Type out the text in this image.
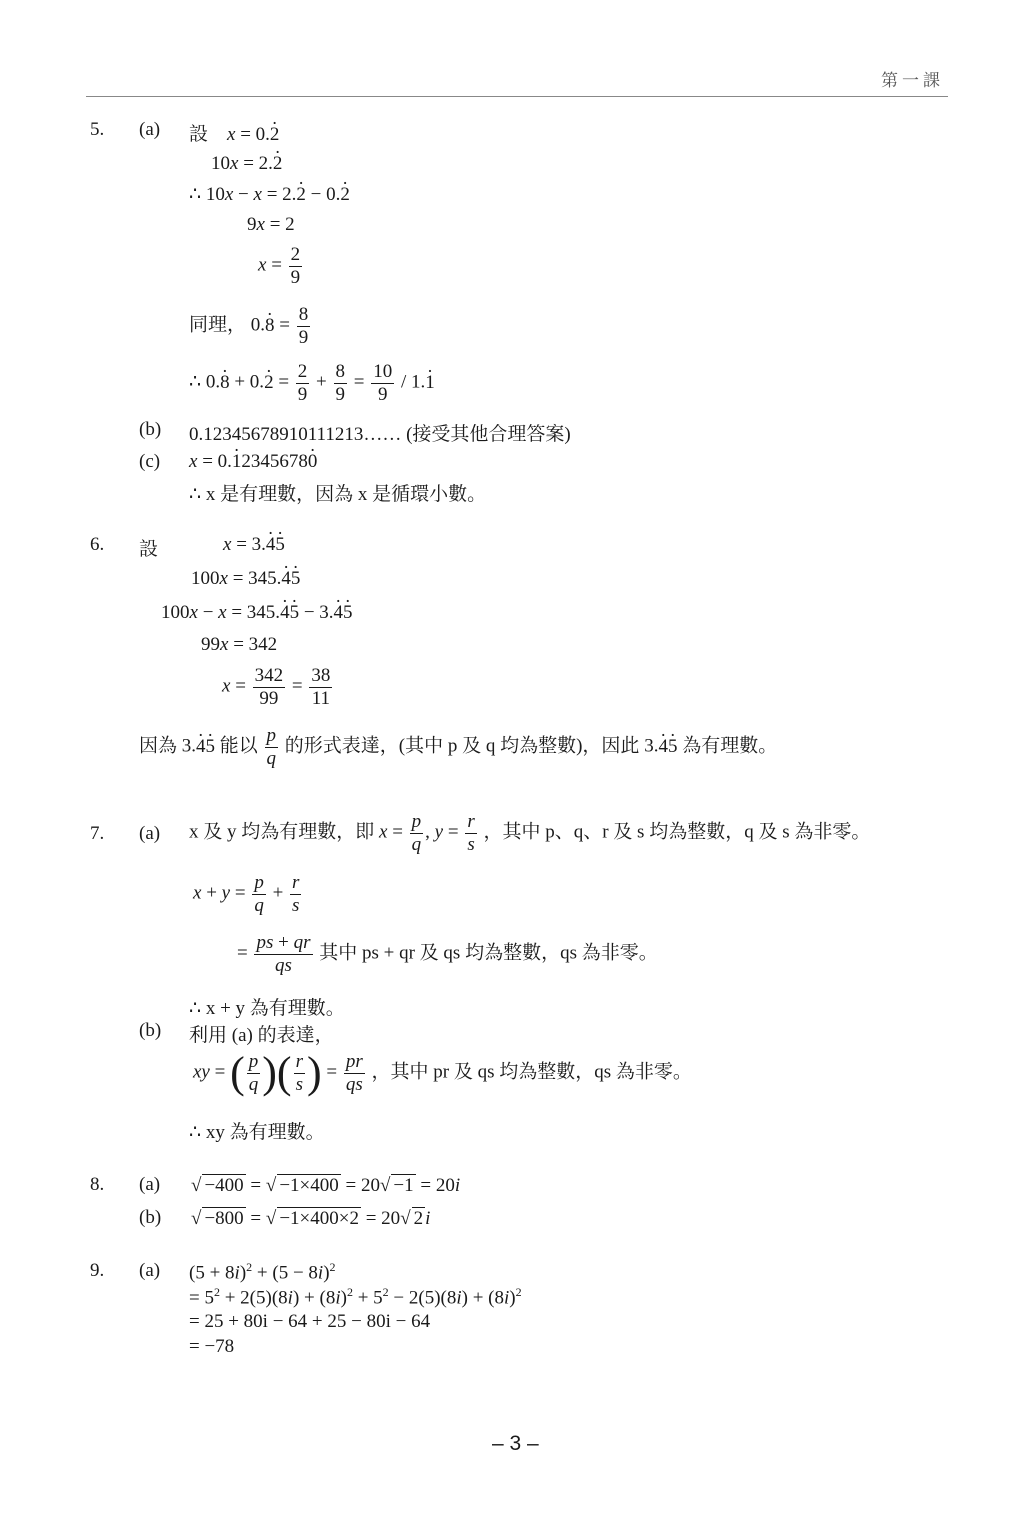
第一課
5. (a) 設 x = 0.2 ·
10x = 2.2 ·
∴ 10x − x = 2.2 · − 0.2 ·
9x = 2
$x = \frac{2}{9}$
同理， 0.8 · = $\frac{8}{9}$
∴ 0.8 · + 0.2 · = $\frac{2}{9} + \frac{8}{9} = \frac{10}{9} / 1.1$ ·
(b) 0.12345678910111213…… (接受其他合理答案)
(c) x = 0.1 ·23456780 ·
∴ x 是有理數，因為 x 是循環小數。
6. 設	x = 3.4 ·5 ·
100x = 345.4 ·5 ·
100x − x = 345.4 ·5 · − 3.4 ·5 ·
99x = 342
$x = \frac{342}{99} = \frac{38}{11}$
因為 3.4 ·5 · 能以 $\frac{p}{q}$ 的形式表達，(其中 p 及 q 均為整數)，因此 3.4 ·5 · 為有理數。
7. (a) x 及 y 均為有理數，即 $x = \frac{p}{q}$ , $y = \frac{r}{s}$ ，其中 p、q、r 及 s 均為整數，q 及 s 為非零。
$x + y = \frac{p}{q} + \frac{r}{s}$
= $\frac{ps + qr}{qs}$ 其中 ps + qr 及 qs 均為整數，qs 為非零。
∴ x + y 為有理數。
(b) 利用 (a) 的表達，
xy = ( $\frac{p}{q}$ )( $\frac{r}{s}$ ) = $\frac{pr}{qs}$ ，其中 pr 及 qs 均為整數，qs 為非零。
∴ xy 為有理數。
8. (a) √	−400 = √ −1×400 = 20 √ −1 = 20i
(b) √	−800 = √ −1×400×2 = 20 √ 2 i
9. (a) $(5 + 8i)^2 + (5 - 8i)^2$
= $5^2 + 2(5)(8i) + (8i)^2 + 5^2 - 2(5)(8i) + (8i)^2$
= 25 + 80i − 64 + 25 − 80i − 64
= −78
– 3 –
